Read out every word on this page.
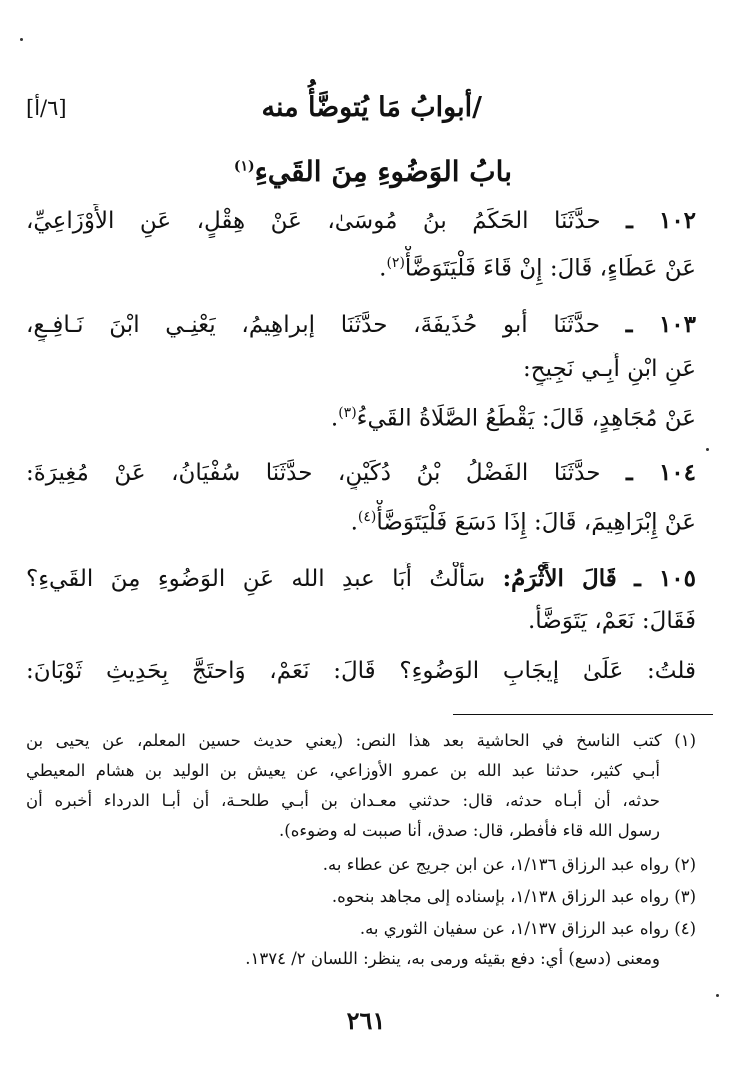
/أبوابُ مَا يُتوضَّأُ منه
[٦/أ]
بابُ الوَضُوءِ مِنَ القَيءِ$^{(١)}$
١٠٢ ـ حدَّثَنَا الحَكَمُ بنُ مُوسَىٰ، عَنْ هِقْلٍ، عَنِ الأَوْزَاعِيِّ،
عَنْ عَطَاءٍ، قَالَ: إِنْ قَاءَ فَلْيَتَوَضَّأْ$^{(٢)}$.
١٠٣ ـ حدَّثَنَا أبو حُذَيفَةَ، حدَّثَنَا إبراهِيمُ، يَعْنِـي ابْنَ نَـافِـعٍ،
عَنِ ابْنِ أَبِـي نَجِيحٍ:
عَنْ مُجَاهِدٍ، قَالَ: يَقْطَعُ الصَّلَاةُ القَيءُ$^{(٣)}$.
١٠٤ ـ حدَّثَنَا الفَضْلُ بْنُ دُكَيْنٍ، حدَّثَنَا سُفْيَانُ، عَنْ مُغِيرَةَ:
عَنْ إِبْرَاهِيمَ، قَالَ: إِذَا دَسَعَ فَلْيَتَوَضَّأْ$^{(٤)}$.
١٠٥ ـ قَالَ الأَثْرَمُ: سَأَلْتُ أَبَا عبدِ الله عَنِ الوَضُوءِ مِنَ القَيءِ؟
فَقَالَ: نَعَمْ، يَتَوَضَّأُ.
قلتُ: عَلَىٰ إيجَابِ الوَضُوءِ؟ قَالَ: نَعَمْ، وَاحتَجَّ بِحَدِيثِ ثَوْبَانَ:
(١) كتب الناسخ في الحاشية بعد هذا النص: (يعني حديث حسين المعلم، عن يحيى بن
أبـي كثير، حدثنا عبد الله بن عمرو الأوزاعي، عن يعيش بن الوليد بن هشام المعيطي
حدثه، أن أبـاه حدثه، قال: حدثني معـدان بن أبـي طلحـة، أن أبـا الدرداء أخبره أن
رسول الله قاء فأفطر، قال: صدق، أنا صببت له وضوءه).
(٢) رواه عبد الرزاق ١/١٣٦، عن ابن جريج عن عطاء به.
(٣) رواه عبد الرزاق ١/١٣٨، بإسناده إلى مجاهد بنحوه.
(٤) رواه عبد الرزاق ١/١٣٧، عن سفيان الثوري به.
ومعنى (دسع) أي: دفع بقيئه ورمى به، ينظر: اللسان ٢/ ١٣٧٤.
٢٦١
